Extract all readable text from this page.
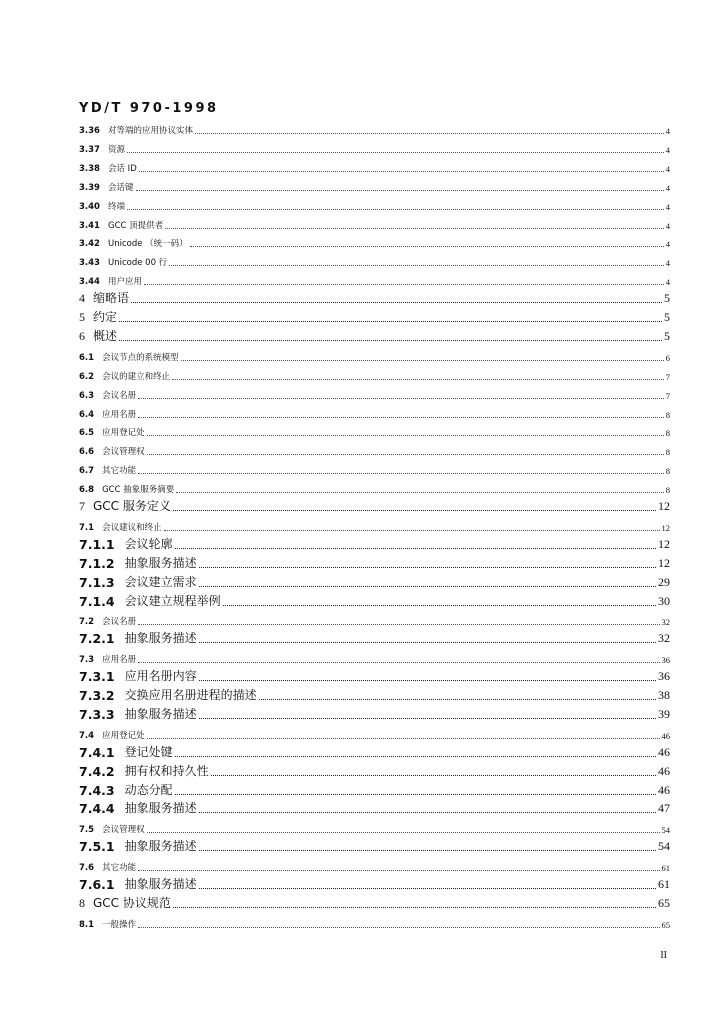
YD/T 970-1998
3.36 对等端的应用协议实体	4
3.37 资源	4
3.38 会话 ID	4
3.39 会话键	4
3.40 终端	4
3.41 GCC 顶提供者	4
3.42 Unicode （统一码）	4
3.43 Unicode 00 行	4
3.44 用户应用	4
4 缩略语	5
5 约定	5
6 概述	5
6.1 会议节点的系统模型	6
6.2 会议的建立和终止	7
6.3 会议名册	7
6.4 应用名册	8
6.5 应用登记处	8
6.6 会议管理权	8
6.7 其它功能	8
6.8 GCC 抽象服务摘要	8
7 GCC 服务定义	12
7.1 会议建议和终止	12
7.1.1 会议轮廓	12
7.1.2 抽象服务描述	12
7.1.3 会议建立需求	29
7.1.4 会议建立规程举例	30
7.2 会议名册	32
7.2.1 抽象服务描述	32
7.3 应用名册	36
7.3.1 应用名册内容	36
7.3.2 交换应用名册进程的描述	38
7.3.3 抽象服务描述	39
7.4 应用登记处	46
7.4.1 登记处键	46
7.4.2 拥有权和持久性	46
7.4.3 动态分配	46
7.4.4 抽象服务描述	47
7.5 会议管理权	54
7.5.1 抽象服务描述	54
7.6 其它功能	61
7.6.1 抽象服务描述	61
8 GCC 协议规范	65
8.1 一般操作	65
II
